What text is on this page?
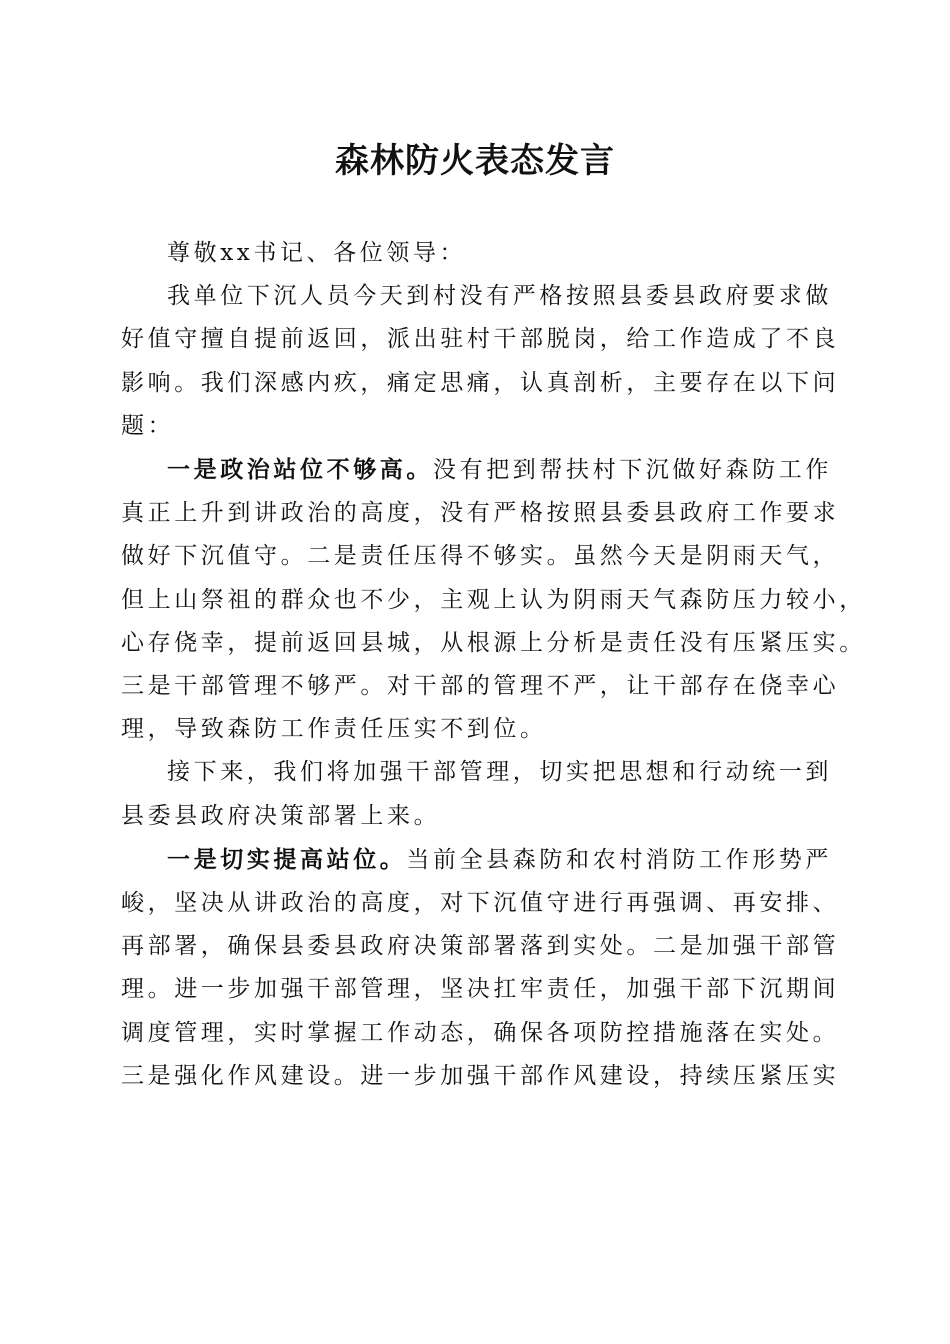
森林防火表态发言

尊敬xx书记、各位领导：

我单位下沉人员今天到村没有严格按照县委县政府要求做
好值守擅自提前返回，派出驻村干部脱岗，给工作造成了不良
影响。我们深感内疚，痛定思痛，认真剖析，主要存在以下问
题：

一是政治站位不够高。没有把到帮扶村下沉做好森防工作
真正上升到讲政治的高度，没有严格按照县委县政府工作要求
做好下沉值守。二是责任压得不够实。虽然今天是阴雨天气，
但上山祭祖的群众也不少，主观上认为阴雨天气森防压力较小，
心存侥幸，提前返回县城，从根源上分析是责任没有压紧压实。
三是干部管理不够严。对干部的管理不严，让干部存在侥幸心
理，导致森防工作责任压实不到位。

接下来，我们将加强干部管理，切实把思想和行动统一到
县委县政府决策部署上来。

一是切实提高站位。当前全县森防和农村消防工作形势严
峻，坚决从讲政治的高度，对下沉值守进行再强调、再安排、
再部署，确保县委县政府决策部署落到实处。二是加强干部管
理。进一步加强干部管理，坚决扛牢责任，加强干部下沉期间
调度管理，实时掌握工作动态，确保各项防控措施落在实处。
三是强化作风建设。进一步加强干部作风建设，持续压紧压实
